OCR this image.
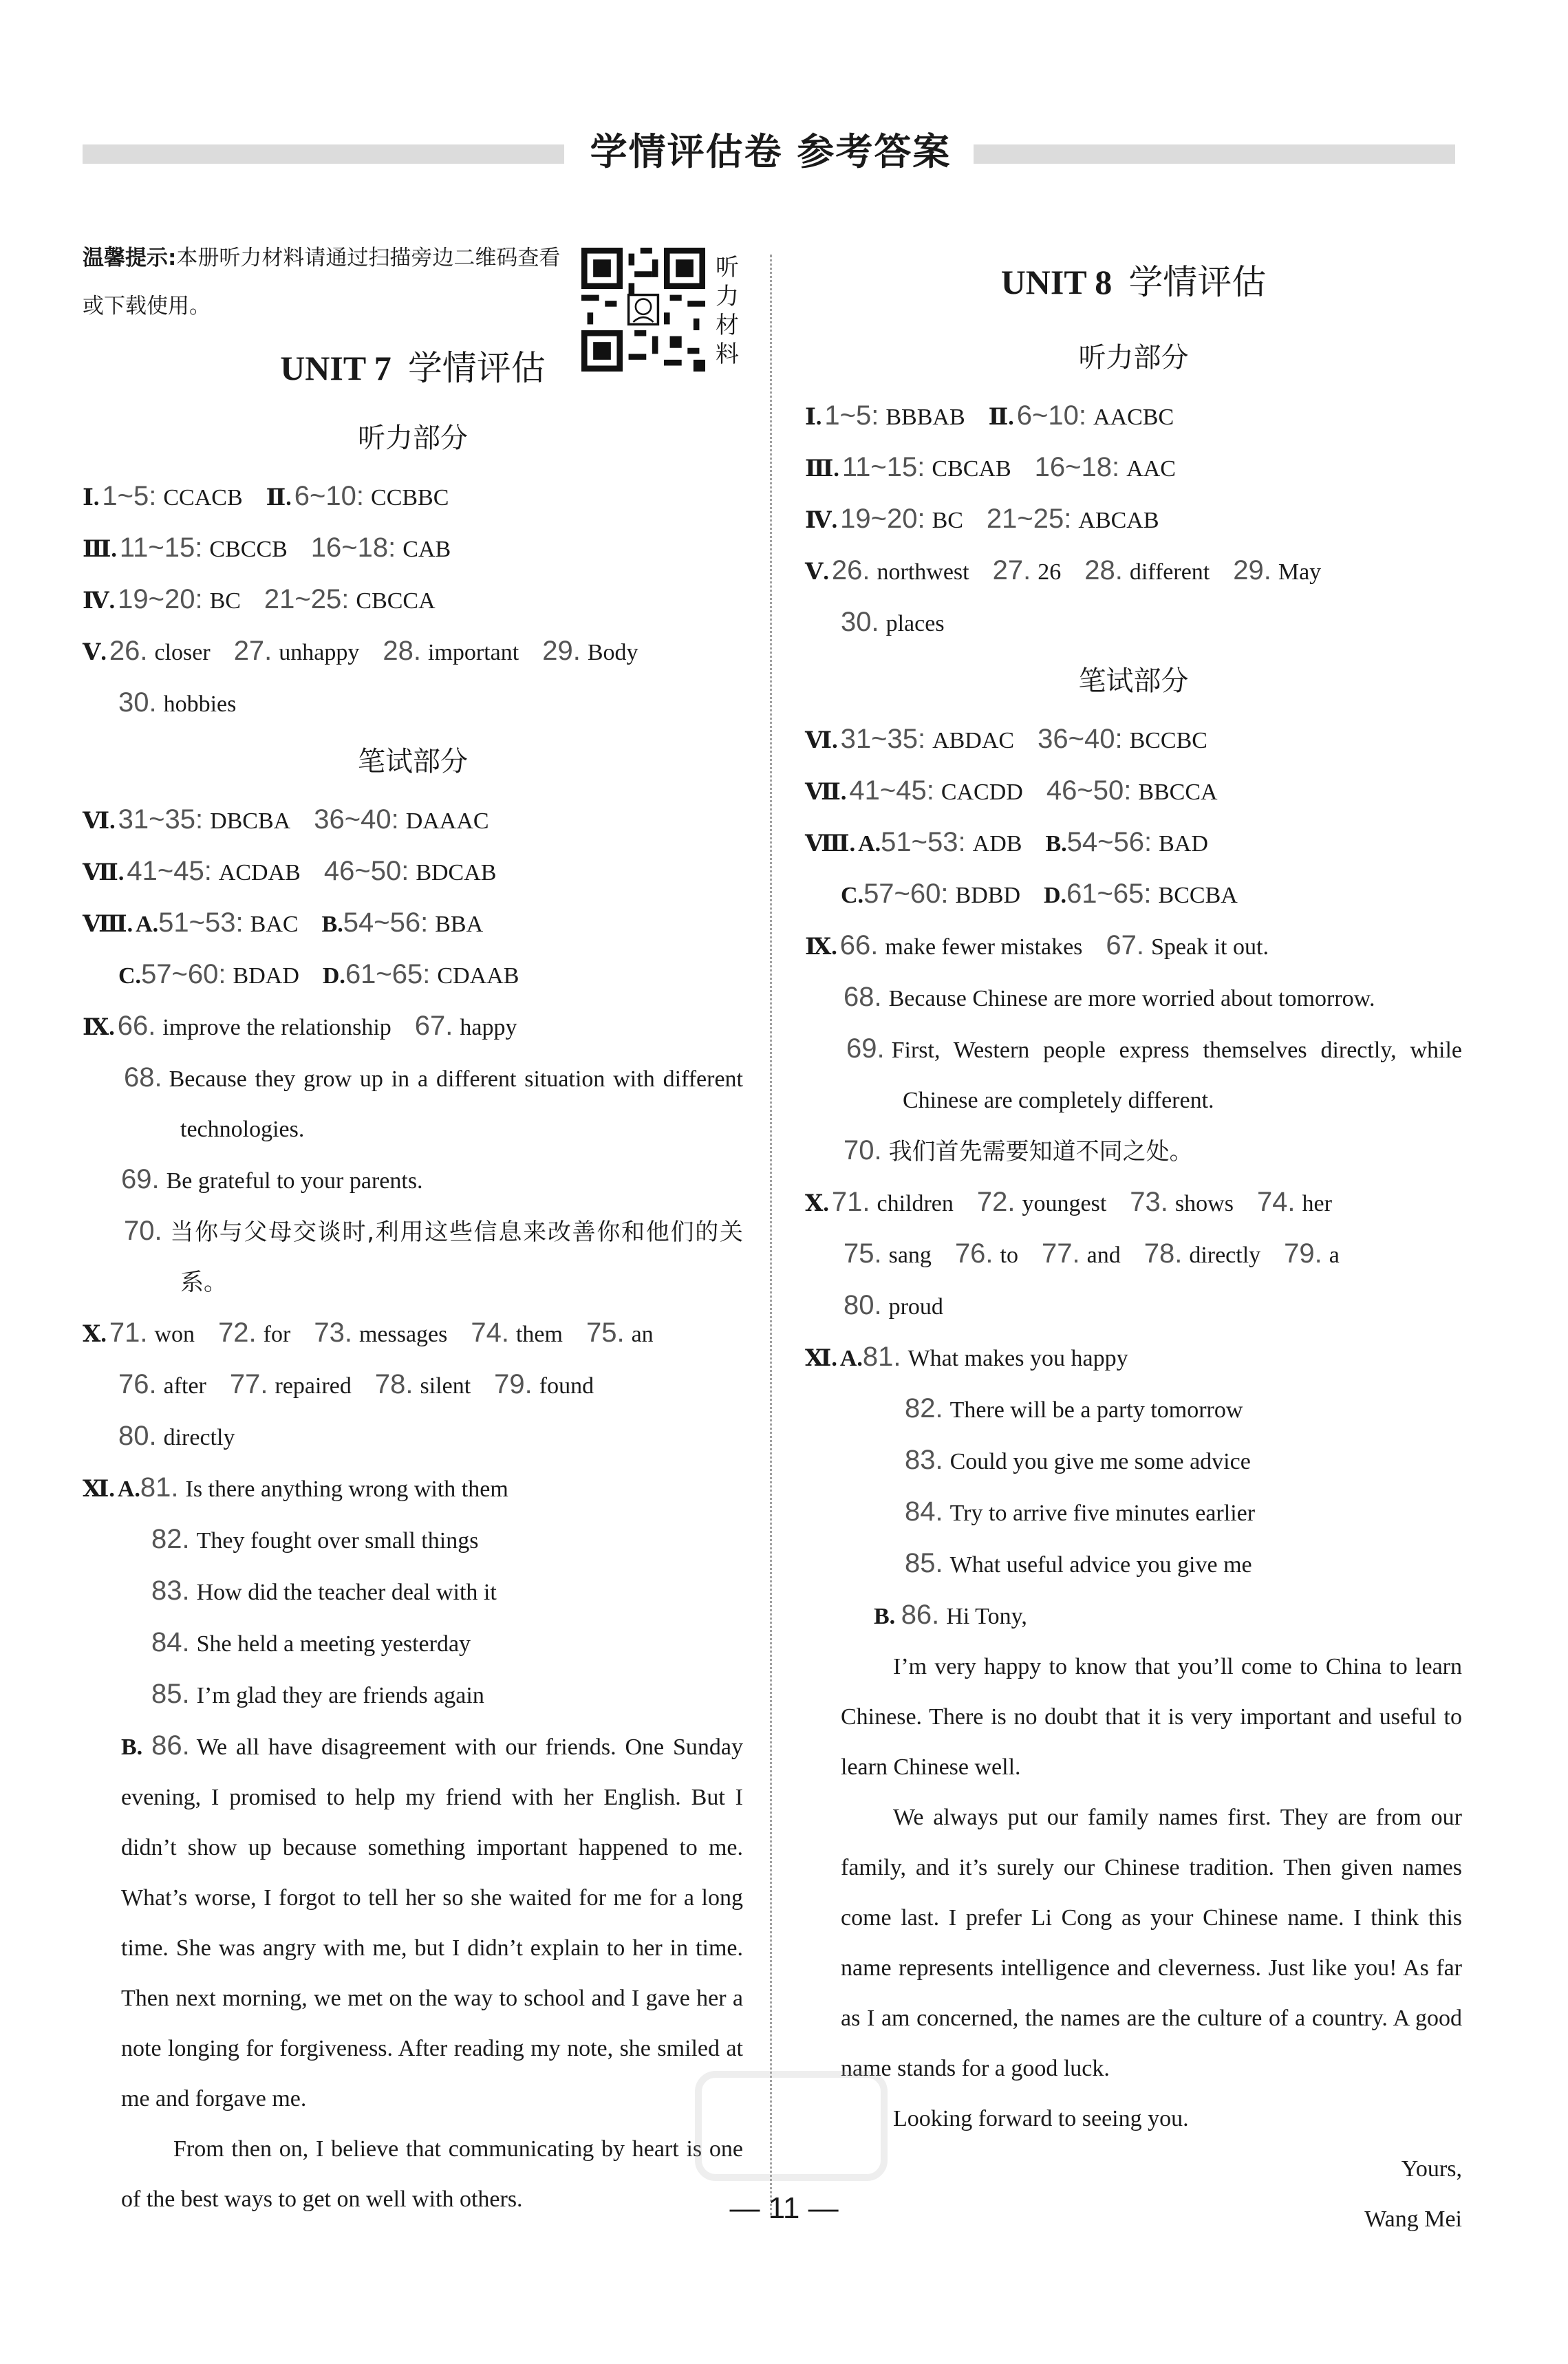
学情评估卷 参考答案
听力材料
温馨提示:本册听力材料请通过扫描旁边二维码查看或下载使用。
UNIT 7 学情评估
听力部分
Ⅰ. 1~5: CCACB Ⅱ. 6~10: CCBBC
Ⅲ. 11~15: CBCCB 16~18: CAB
Ⅳ. 19~20: BC 21~25: CBCCA
Ⅴ. 26. closer 27. unhappy 28. important 29. Body
30. hobbies
笔试部分
Ⅵ. 31~35: DBCBA 36~40: DAAAC
Ⅶ. 41~45: ACDAB 46~50: BDCAB
Ⅷ. A.51~53: BAC B.54~56: BBA
C.57~60: BDAD D.61~65: CDAAB
Ⅸ. 66. improve the relationship 67. happy
68. Because they grow up in a different situation with different technologies.
69. Be grateful to your parents.
70. 当你与父母交谈时,利用这些信息来改善你和他们的关系。
Ⅹ. 71. won 72. for 73. messages 74. them 75. an
76. after 77. repaired 78. silent 79. found
80. directly
Ⅺ. A.81. Is there anything wrong with them
82. They fought over small things
83. How did the teacher deal with it
84. She held a meeting yesterday
85. I’m glad they are friends again
B. 86. We all have disagreement with our friends. One Sunday evening, I promised to help my friend with her English. But I didn’t show up because something important happened to me. What’s worse, I forgot to tell her so she waited for me for a long time. She was angry with me, but I didn’t explain to her in time. Then next morning, we met on the way to school and I gave her a note longing for forgiveness. After reading my note, she smiled at me and forgave me.
From then on, I believe that communicating by heart is one of the best ways to get on well with others.
UNIT 8 学情评估
听力部分
Ⅰ. 1~5: BBBAB Ⅱ. 6~10: AACBC
Ⅲ. 11~15: CBCAB 16~18: AAC
Ⅳ. 19~20: BC 21~25: ABCAB
Ⅴ. 26. northwest 27. 26 28. different 29. May
30. places
笔试部分
Ⅵ. 31~35: ABDAC 36~40: BCCBC
Ⅶ. 41~45: CACDD 46~50: BBCCA
Ⅷ. A.51~53: ADB B.54~56: BAD
C.57~60: BDBD D.61~65: BCCBA
Ⅸ. 66. make fewer mistakes 67. Speak it out.
68. Because Chinese are more worried about tomorrow.
69. First, Western people express themselves directly, while Chinese are completely different.
70. 我们首先需要知道不同之处。
Ⅹ. 71. children 72. youngest 73. shows 74. her
75. sang 76. to 77. and 78. directly 79. a
80. proud
Ⅺ. A.81. What makes you happy
82. There will be a party tomorrow
83. Could you give me some advice
84. Try to arrive five minutes earlier
85. What useful advice you give me
B. 86. Hi Tony,
I’m very happy to know that you’ll come to China to learn Chinese. There is no doubt that it is very important and useful to learn Chinese well.
We always put our family names first. They are from our family, and it’s surely our Chinese tradition. Then given names come last. I prefer Li Cong as your Chinese name. I think this name represents intelligence and cleverness. Just like you! As far as I am concerned, the names are the culture of a country. A good name stands for a good luck.
Looking forward to seeing you.
Yours,
Wang Mei
— 11 —
